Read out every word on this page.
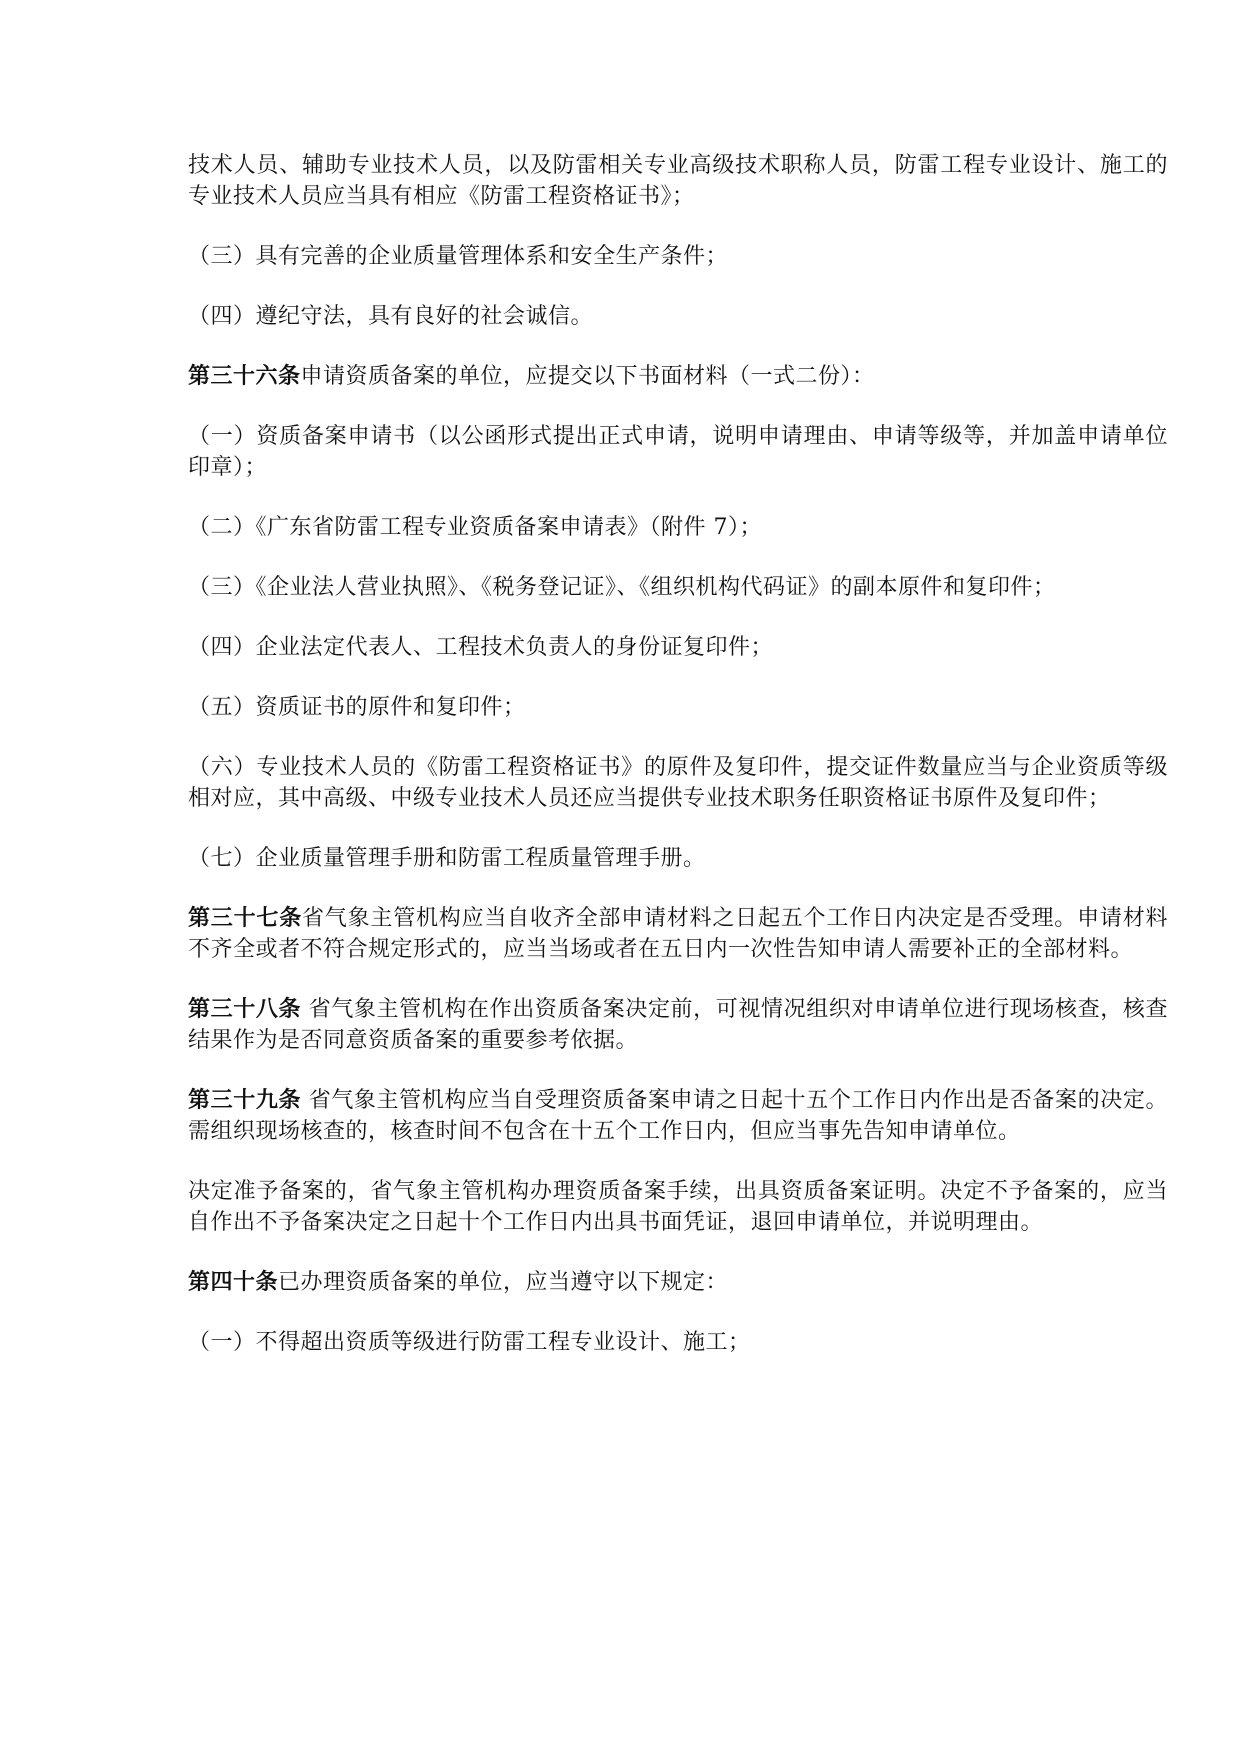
技术人员、辅助专业技术人员，以及防雷相关专业高级技术职称人员，防雷工程专业设计、施工的专业技术人员应当具有相应《防雷工程资格证书》；

（三）具有完善的企业质量管理体系和安全生产条件；

（四）遵纪守法，具有良好的社会诚信。

第三十六条申请资质备案的单位，应提交以下书面材料（一式二份）：

（一）资质备案申请书（以公函形式提出正式申请，说明申请理由、申请等级等，并加盖申请单位印章）；

（二）《广东省防雷工程专业资质备案申请表》（附件 7）；

（三）《企业法人营业执照》、《税务登记证》、《组织机构代码证》的副本原件和复印件；

（四）企业法定代表人、工程技术负责人的身份证复印件；

（五）资质证书的原件和复印件；

（六）专业技术人员的《防雷工程资格证书》的原件及复印件，提交证件数量应当与企业资质等级相对应，其中高级、中级专业技术人员还应当提供专业技术职务任职资格证书原件及复印件；

（七）企业质量管理手册和防雷工程质量管理手册。

第三十七条省气象主管机构应当自收齐全部申请材料之日起五个工作日内决定是否受理。申请材料不齐全或者不符合规定形式的，应当当场或者在五日内一次性告知申请人需要补正的全部材料。

第三十八条 省气象主管机构在作出资质备案决定前，可视情况组织对申请单位进行现场核查，核查结果作为是否同意资质备案的重要参考依据。

第三十九条 省气象主管机构应当自受理资质备案申请之日起十五个工作日内作出是否备案的决定。需组织现场核查的，核查时间不包含在十五个工作日内，但应当事先告知申请单位。

决定准予备案的，省气象主管机构办理资质备案手续，出具资质备案证明。决定不予备案的，应当自作出不予备案决定之日起十个工作日内出具书面凭证，退回申请单位，并说明理由。

第四十条已办理资质备案的单位，应当遵守以下规定：

（一）不得超出资质等级进行防雷工程专业设计、施工；
